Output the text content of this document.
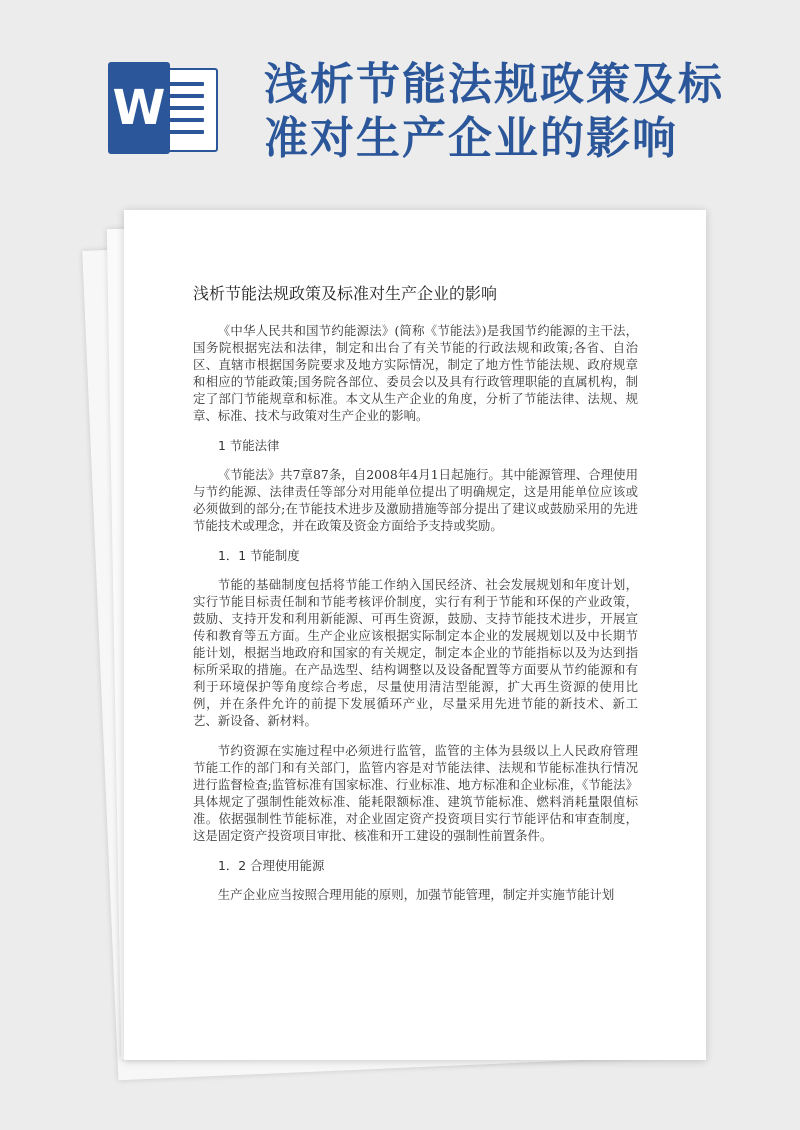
W 浅析节能法规政策及标准对生产企业的影响
浅析节能法规政策及标准对生产企业的影响

《中华人民共和国节约能源法》(简称《节能法》)是我国节约能源的主干法，国务院根据宪法和法律，制定和出台了有关节能的行政法规和政策;各省、自治区、直辖市根据国务院要求及地方实际情况，制定了地方性节能法规、政府规章和相应的节能政策;国务院各部位、委员会以及具有行政管理职能的直属机构，制定了部门节能规章和标准。本文从生产企业的角度，分析了节能法律、法规、规章、标准、技术与政策对生产企业的影响。

1 节能法律

《节能法》共7章87条，自2008年4月1日起施行。其中能源管理、合理使用与节约能源、法律责任等部分对用能单位提出了明确规定，这是用能单位应该或必须做到的部分;在节能技术进步及激励措施等部分提出了建议或鼓励采用的先进节能技术或理念，并在政策及资金方面给予支持或奖励。

1．1 节能制度

节能的基础制度包括将节能工作纳入国民经济、社会发展规划和年度计划，实行节能目标责任制和节能考核评价制度，实行有利于节能和环保的产业政策，鼓励、支持开发和利用新能源、可再生资源，鼓励、支持节能技术进步，开展宣传和教育等五方面。生产企业应该根据实际制定本企业的发展规划以及中长期节能计划，根据当地政府和国家的有关规定，制定本企业的节能指标以及为达到指标所采取的措施。在产品选型、结构调整以及设备配置等方面要从节约能源和有利于环境保护等角度综合考虑，尽量使用清洁型能源，扩大再生资源的使用比例，并在条件允许的前提下发展循环产业，尽量采用先进节能的新技术、新工艺、新设备、新材料。

节约资源在实施过程中必须进行监管，监管的主体为县级以上人民政府管理节能工作的部门和有关部门，监管内容是对节能法律、法规和节能标准执行情况进行监督检查;监管标准有国家标准、行业标准、地方标准和企业标准，《节能法》具体规定了强制性能效标准、能耗限额标准、建筑节能标准、燃料消耗量限值标准。依据强制性节能标准，对企业固定资产投资项目实行节能评估和审查制度，这是固定资产投资项目审批、核准和开工建设的强制性前置条件。

1．2 合理使用能源

生产企业应当按照合理用能的原则，加强节能管理，制定并实施节能计划
